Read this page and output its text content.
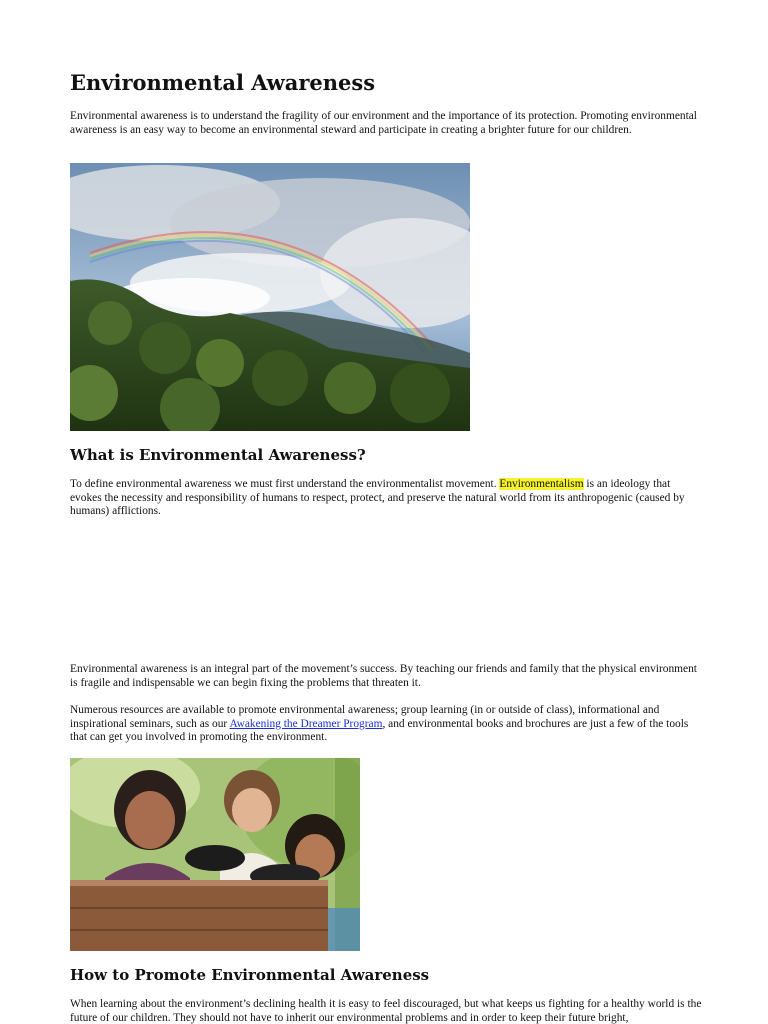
Environmental Awareness

Environmental awareness is to understand the fragility of our environment and the importance of its protection. Promoting environmental awareness is an easy way to become an environmental steward and participate in creating a brighter future for our children.

What is Environmental Awareness?

To define environmental awareness we must first understand the environmentalist movement. Environmentalism is an ideology that evokes the necessity and responsibility of humans to respect, protect, and preserve the natural world from its anthropogenic (caused by humans) afflictions.

Environmental awareness is an integral part of the movement’s success. By teaching our friends and family that the physical environment is fragile and indispensable we can begin fixing the problems that threaten it.

Numerous resources are available to promote environmental awareness; group learning (in or outside of class), informational and inspirational seminars, such as our Awakening the Dreamer Program, and environmental books and brochures are just a few of the tools that can get you involved in promoting the environment.

How to Promote Environmental Awareness

When learning about the environment’s declining health it is easy to feel discouraged, but what keeps us fighting for a healthy world is the future of our children. They should not have to inherit our environmental problems and in order to keep their future bright,
